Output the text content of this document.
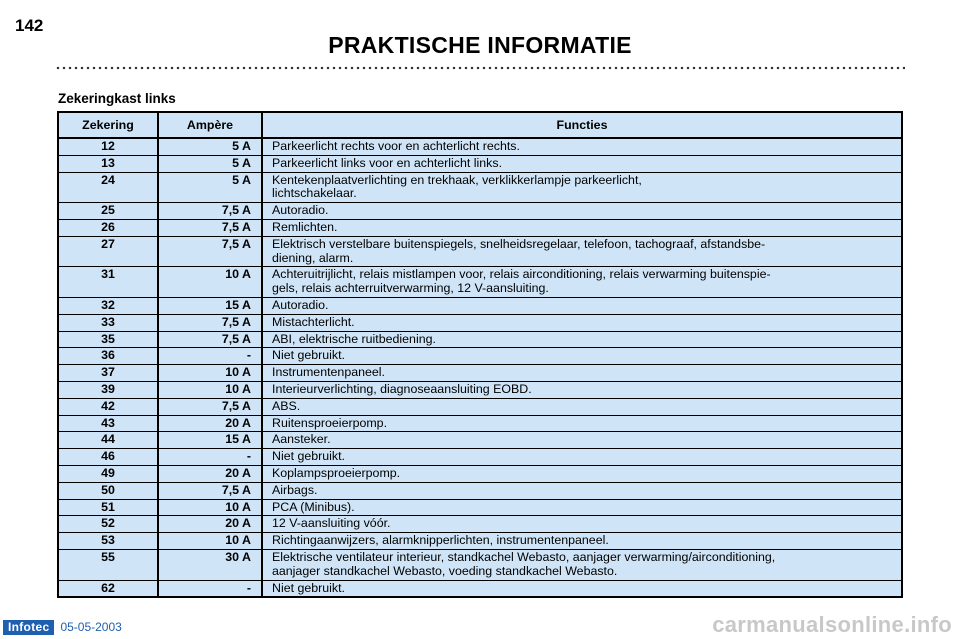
142
PRAKTISCHE INFORMATIE
Zekeringkast links
Zekering	Ampère	Functies
12	5 A	Parkeerlicht rechts voor en achterlicht rechts.
13	5 A	Parkeerlicht links voor en achterlicht links.
24	5 A	Kentekenplaatverlichting en trekhaak, verklikkerlampje parkeerlicht,
lichtschakelaar.
25	7,5 A	Autoradio.
26	7,5 A	Remlichten.
27	7,5 A	Elektrisch verstelbare buitenspiegels, snelheidsregelaar, telefoon, tachograaf, afstandsbe-
diening, alarm.
31	10 A	Achteruitrijlicht, relais mistlampen voor, relais airconditioning, relais verwarming buitenspie-
gels, relais achterruitverwarming, 12 V-aansluiting.
32	15 A	Autoradio.
33	7,5 A	Mistachterlicht.
35	7,5 A	ABI, elektrische ruitbediening.
36	-	Niet gebruikt.
37	10 A	Instrumentenpaneel.
39	10 A	Interieurverlichting, diagnoseaansluiting EOBD.
42	7,5 A	ABS.
43	20 A	Ruitensproeierpomp.
44	15 A	Aansteker.
46	-	Niet gebruikt.
49	20 A	Koplampsproeierpomp.
50	7,5 A	Airbags.
51	10 A	PCA (Minibus).
52	20 A	12 V-aansluiting vóór.
53	10 A	Richtingaanwijzers, alarmknipperlichten, instrumentenpaneel.
55	30 A	Elektrische ventilateur interieur, standkachel Webasto, aanjager verwarming/airconditioning,
aanjager standkachel Webasto, voeding standkachel Webasto.
62	-	Niet gebruikt.
Infotec 05-05-2003	carmanualsonline.info
